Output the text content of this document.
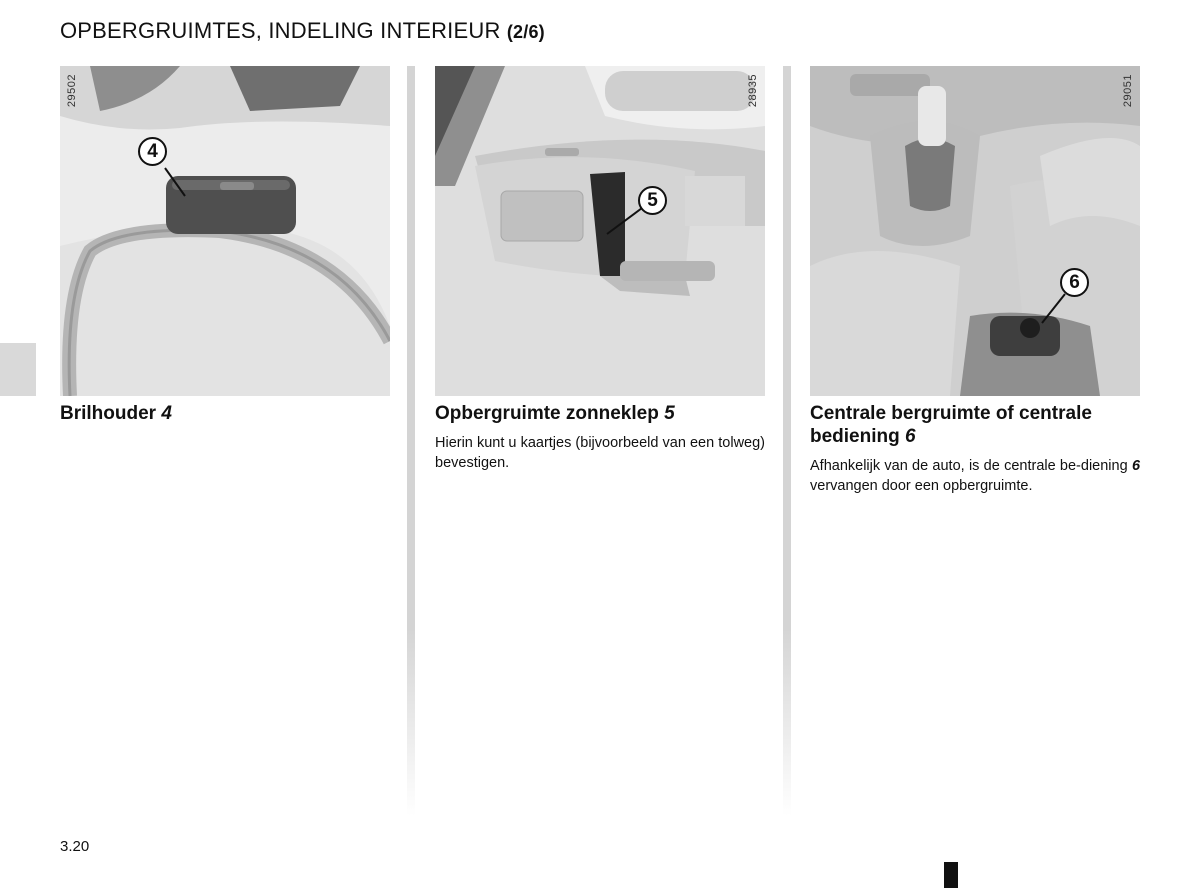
OPBERGRUIMTES, INDELING INTERIEUR (2/6)
29502
4
Brilhouder 4
28935
5
Opbergruimte zonneklep 5

Hierin kunt u kaartjes (bijvoorbeeld van een tolweg) bevestigen.

29051
6
Centrale bergruimte of centrale
bediening 6

Afhankelijk van de auto, is de centrale be-diening 6 vervangen door een opbergruimte.

3.20
